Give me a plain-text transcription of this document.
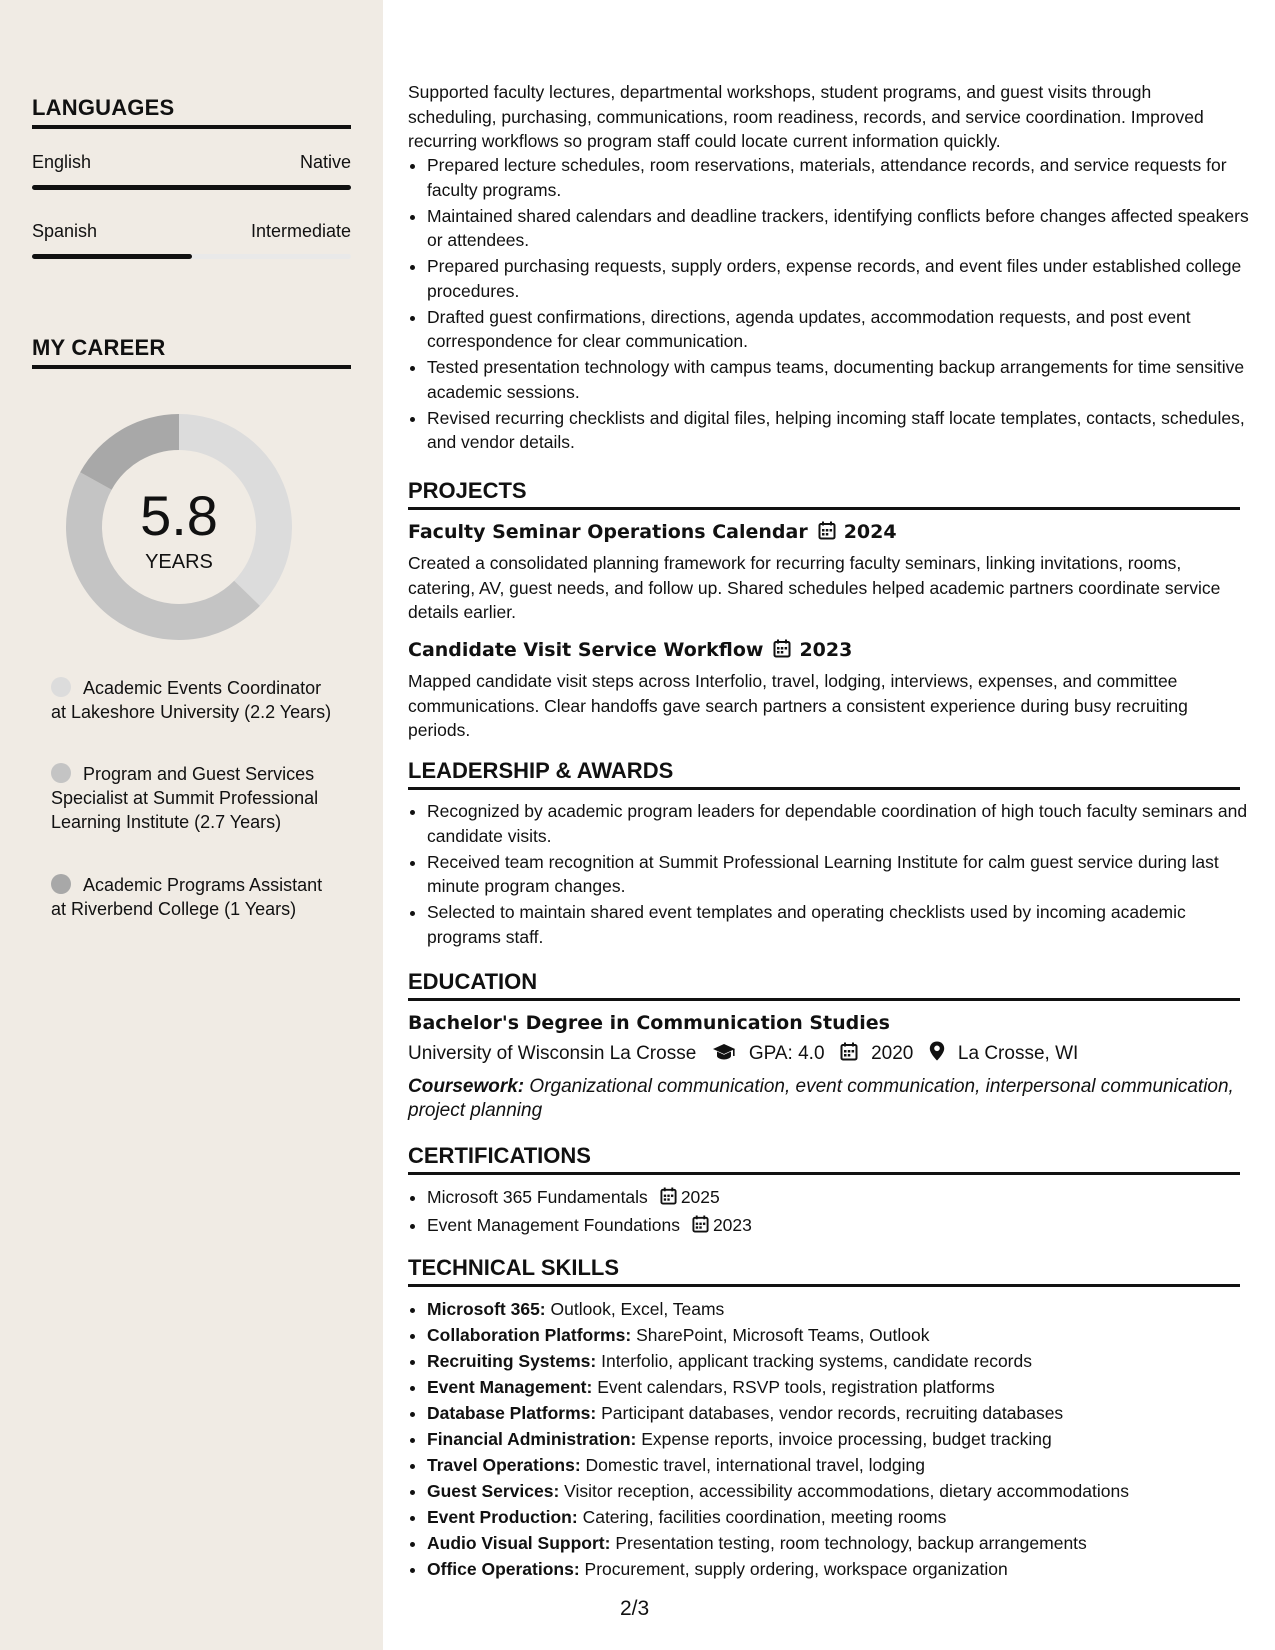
LANGUAGES
English	Native
Spanish	Intermediate
MY CAREER
5.8
YEARS
Academic Events Coordinator at Lakeshore University (2.2 Years)
Program and Guest Services Specialist at Summit Professional Learning Institute (2.7 Years)
Academic Programs Assistant at Riverbend College (1 Years)

Supported faculty lectures, departmental workshops, student programs, and guest visits through scheduling, purchasing, communications, room readiness, records, and service coordination. Improved recurring workflows so program staff could locate current information quickly.

• Prepared lecture schedules, room reservations, materials, attendance records, and service requests for faculty programs.
• Maintained shared calendars and deadline trackers, identifying conflicts before changes affected speakers or attendees.
• Prepared purchasing requests, supply orders, expense records, and event files under established college procedures.
• Drafted guest confirmations, directions, agenda updates, accommodation requests, and post event correspondence for clear communication.
• Tested presentation technology with campus teams, documenting backup arrangements for time sensitive academic sessions.
• Revised recurring checklists and digital files, helping incoming staff locate templates, contacts, schedules, and vendor details.
PROJECTS
Faculty Seminar Operations Calendar 2024

Created a consolidated planning framework for recurring faculty seminars, linking invitations, rooms, catering, AV, guest needs, and follow up. Shared schedules helped academic partners coordinate service details earlier.

Candidate Visit Service Workflow 2023

Mapped candidate visit steps across Interfolio, travel, lodging, interviews, expenses, and committee communications. Clear handoffs gave search partners a consistent experience during busy recruiting periods.

LEADERSHIP & AWARDS
• Recognized by academic program leaders for dependable coordination of high touch faculty seminars and candidate visits.
• Received team recognition at Summit Professional Learning Institute for calm guest service during last minute program changes.
• Selected to maintain shared event templates and operating checklists used by incoming academic programs staff.
EDUCATION
Bachelor's Degree in Communication Studies
University of Wisconsin La Crosse	GPA: 4.0 2020 La Crosse, WI
Coursework: Organizational communication, event communication, interpersonal communication, project planning
CERTIFICATIONS
• Microsoft 365 Fundamentals 2025
• Event Management Foundations 2023
TECHNICAL SKILLS
• Microsoft 365: Outlook, Excel, Teams
• Collaboration Platforms: SharePoint, Microsoft Teams, Outlook
• Recruiting Systems: Interfolio, applicant tracking systems, candidate records
• Event Management: Event calendars, RSVP tools, registration platforms
• Database Platforms: Participant databases, vendor records, recruiting databases
• Financial Administration: Expense reports, invoice processing, budget tracking
• Travel Operations: Domestic travel, international travel, lodging
• Guest Services: Visitor reception, accessibility accommodations, dietary accommodations
• Event Production: Catering, facilities coordination, meeting rooms
• Audio Visual Support: Presentation testing, room technology, backup arrangements
• Office Operations: Procurement, supply ordering, workspace organization
2/3
